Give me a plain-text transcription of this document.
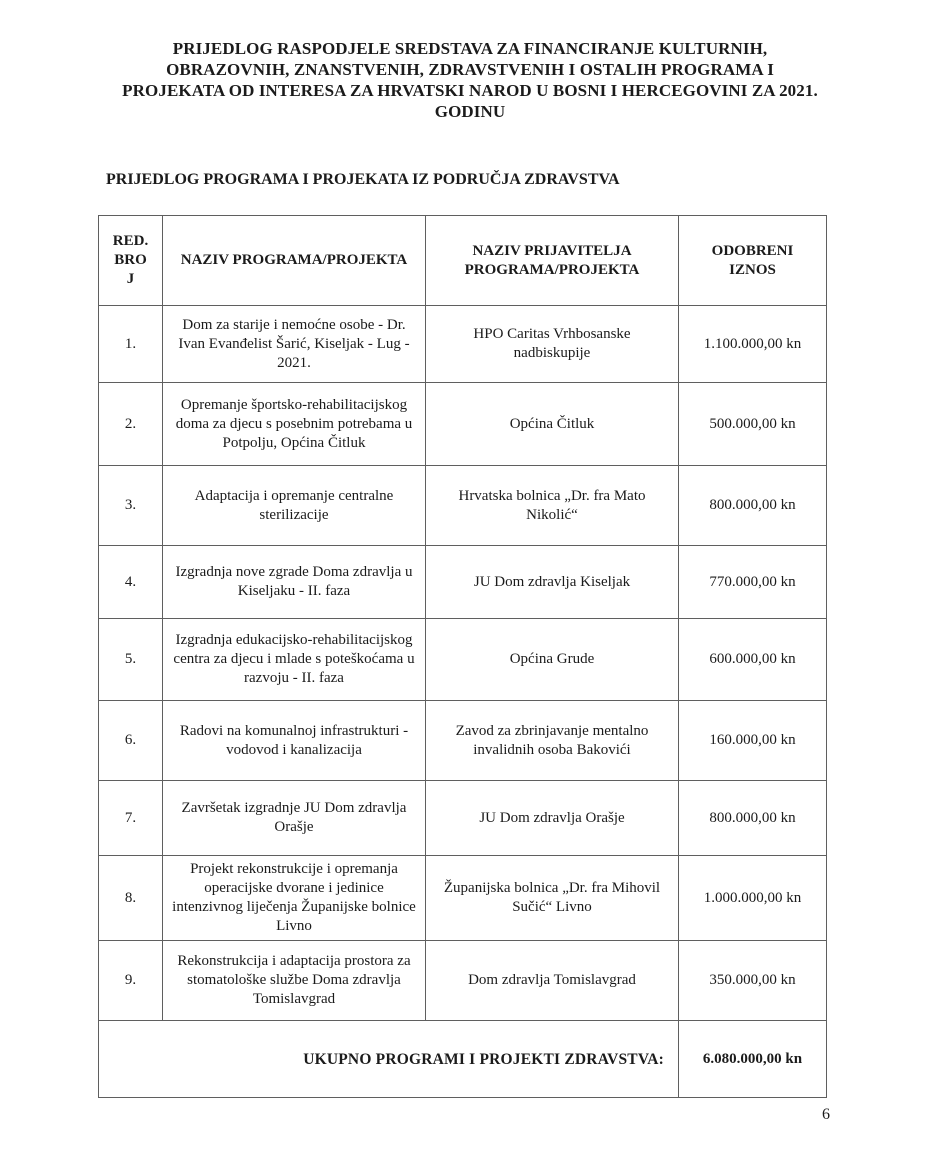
PRIJEDLOG RASPODJELE SREDSTAVA ZA FINANCIRANJE KULTURNIH,
OBRAZOVNIH, ZNANSTVENIH, ZDRAVSTVENIH I OSTALIH PROGRAMA I
PROJEKATA OD INTERESA ZA HRVATSKI NAROD U BOSNI I HERCEGOVINI ZA 2021.
GODINU
PRIJEDLOG PROGRAMA I PROJEKATA IZ PODRUČJA ZDRAVSTVA
RED. BROJ	NAZIV PROGRAMA/PROJEKTA	NAZIV PRIJAVITELJA PROGRAMA/PROJEKTA	ODOBRENI IZNOS
1.	Dom za starije i nemoćne osobe - Dr. Ivan Evanđelist Šarić, Kiseljak - Lug - 2021.	HPO Caritas Vrhbosanske nadbiskupije	1.100.000,00 kn
2.	Opremanje športsko-rehabilitacijskog doma za djecu s posebnim potrebama u Potpolju, Općina Čitluk	Općina Čitluk	500.000,00 kn
3.	Adaptacija i opremanje centralne sterilizacije	Hrvatska bolnica „Dr. fra Mato Nikolić“	800.000,00 kn
4.	Izgradnja nove zgrade Doma zdravlja u Kiseljaku - II. faza	JU Dom zdravlja Kiseljak	770.000,00 kn
5.	Izgradnja edukacijsko-rehabilitacijskog centra za djecu i mlade s poteškoćama u razvoju - II. faza	Općina Grude	600.000,00 kn
6.	Radovi na komunalnoj infrastrukturi - vodovod i kanalizacija	Zavod za zbrinjavanje mentalno invalidnih osoba Bakovići	160.000,00 kn
7.	Završetak izgradnje JU Dom zdravlja Orašje	JU Dom zdravlja Orašje	800.000,00 kn
8.	Projekt rekonstrukcije i opremanja operacijske dvorane i jedinice intenzivnog liječenja Županijske bolnice Livno	Županijska bolnica „Dr. fra Mihovil Sučić“ Livno	1.000.000,00 kn
9.	Rekonstrukcija i adaptacija prostora za stomatološke službe Doma zdravlja Tomislavgrad	Dom zdravlja Tomislavgrad	350.000,00 kn
UKUPNO PROGRAMI I PROJEKTI ZDRAVSTVA:			6.080.000,00 kn
6
